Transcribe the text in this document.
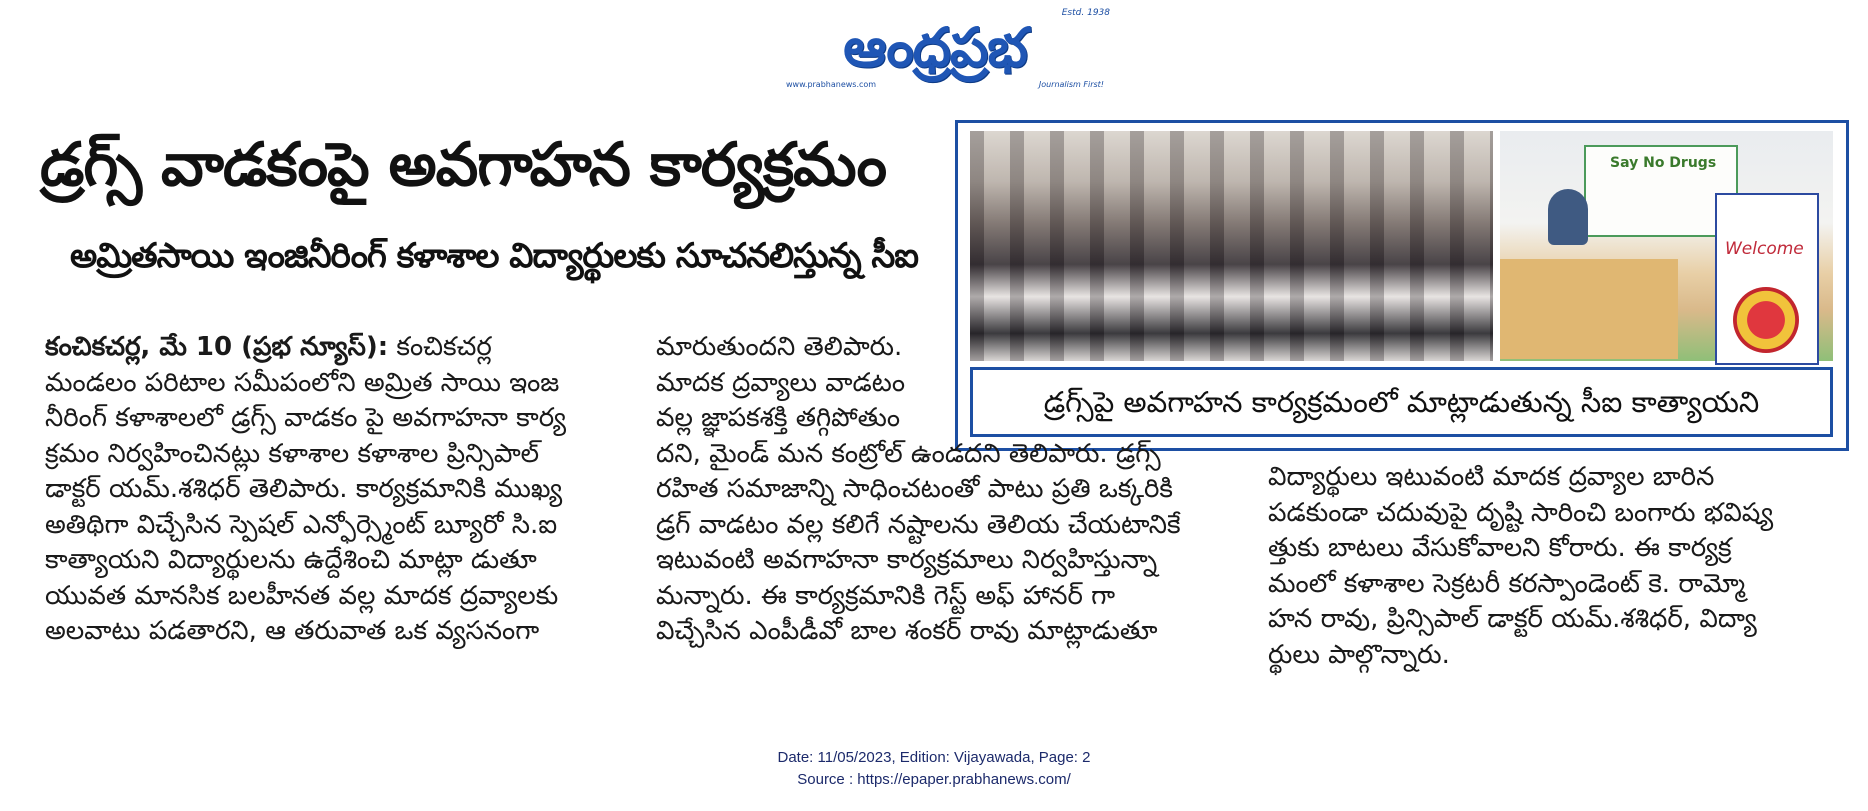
Estd. 1938
ఆంధ్రప్రభ
www.prabhanews.com	Journalism First!
డ్రగ్స్ వాడకంపై అవగాహన కార్యక్రమం
అమ్రితసాయి ఇంజినీరింగ్ కళాశాల విద్యార్థులకు సూచనలిస్తున్న సీఐ
Say No Drugs
Welcome
డ్రగ్స్‌పై అవగాహన కార్యక్రమంలో మాట్లాడుతున్న సీఐ కాత్యాయని

కంచికచర్ల, మే 10 (ప్రభ న్యూస్): కంచికచర్ల

మండలం పరిటాల సమీపంలోని అమ్రిత సాయి ఇంజ

నీరింగ్ కళాశాలలో డ్రగ్స్ వాడకం పై అవగాహనా కార్య

క్రమం నిర్వహించినట్లు కళాశాల కళాశాల ప్రిన్సిపాల్

డాక్టర్ యమ్.శశిధర్ తెలిపారు. కార్యక్రమానికి ముఖ్య

అతిథిగా విచ్చేసిన స్పెషల్ ఎన్ఫోర్స్మెంట్ బ్యూరో సి.ఐ

కాత్యాయని విద్యార్థులను ఉద్దేశించి మాట్లా డుతూ

యువత మానసిక బలహీనత వల్ల మాదక ద్రవ్యాలకు

అలవాటు పడతారని, ఆ తరువాత ఒక వ్యసనంగా

మారుతుందని తెలిపారు.

మాదక ద్రవ్యాలు వాడటం

వల్ల జ్ఞాపకశక్తి తగ్గిపోతుం

దని, మైండ్ మన కంట్రోల్ ఉండదని తెలిపారు. డ్రగ్స్

రహిత సమాజాన్ని సాధించటంతో పాటు ప్రతి ఒక్కరికి

డ్రగ్ వాడటం వల్ల కలిగే నష్టాలను తెలియ చేయటానికే

ఇటువంటి అవగాహనా కార్యక్రమాలు నిర్వహిస్తున్నా

మన్నారు. ఈ కార్యక్రమానికి గెస్ట్ అఫ్ హానర్ గా

విచ్చేసిన ఎంపీడీవో బాల శంకర్ రావు మాట్లాడుతూ

విద్యార్థులు ఇటువంటి మాదక ద్రవ్యాల బారిన

పడకుండా చదువుపై దృష్టి సారించి బంగారు భవిష్య

త్తుకు బాటలు వేసుకోవాలని కోరారు. ఈ కార్యక్ర

మంలో కళాశాల సెక్రటరీ కరస్పాండెంట్ కె. రామ్మో

హన రావు, ప్రిన్సిపాల్ డాక్టర్ యమ్.శశిధర్, విద్యా

ర్థులు పాల్గొన్నారు.

Date: 11/05/2023, Edition: Vijayawada, Page: 2
Source : https://epaper.prabhanews.com/
